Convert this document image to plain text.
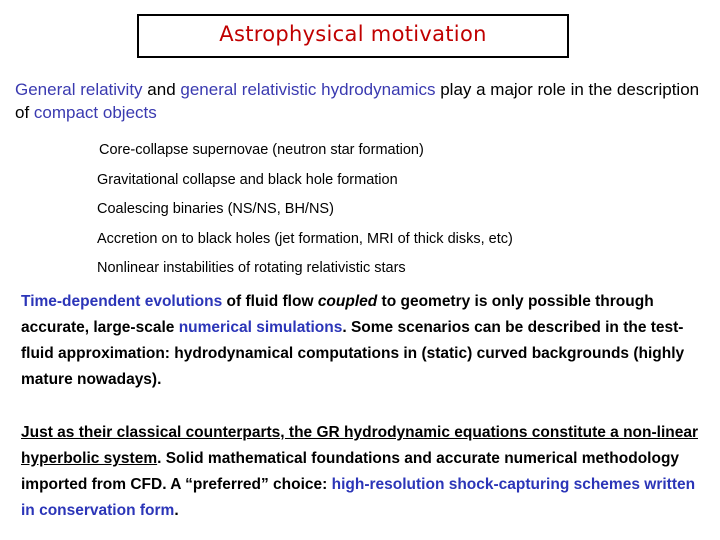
Astrophysical motivation

General relativity and general relativistic hydrodynamics play a major role in the description of compact objects

Core-collapse supernovae (neutron star formation)
Gravitational collapse and black hole formation
Coalescing binaries (NS/NS, BH/NS)
Accretion on to black holes (jet formation, MRI of thick disks, etc)
Nonlinear instabilities of rotating relativistic stars

Time-dependent evolutions of fluid flow coupled to geometry is only possible through accurate, large-scale numerical simulations. Some scenarios can be described in the test-fluid approximation: hydrodynamical computations in (static) curved backgrounds (highly mature nowadays).

Just as their classical counterparts, the GR hydrodynamic equations constitute a non-linear hyperbolic system. Solid mathematical foundations and accurate numerical methodology imported from CFD. A “preferred” choice: high-resolution shock-capturing schemes written in conservation form.
